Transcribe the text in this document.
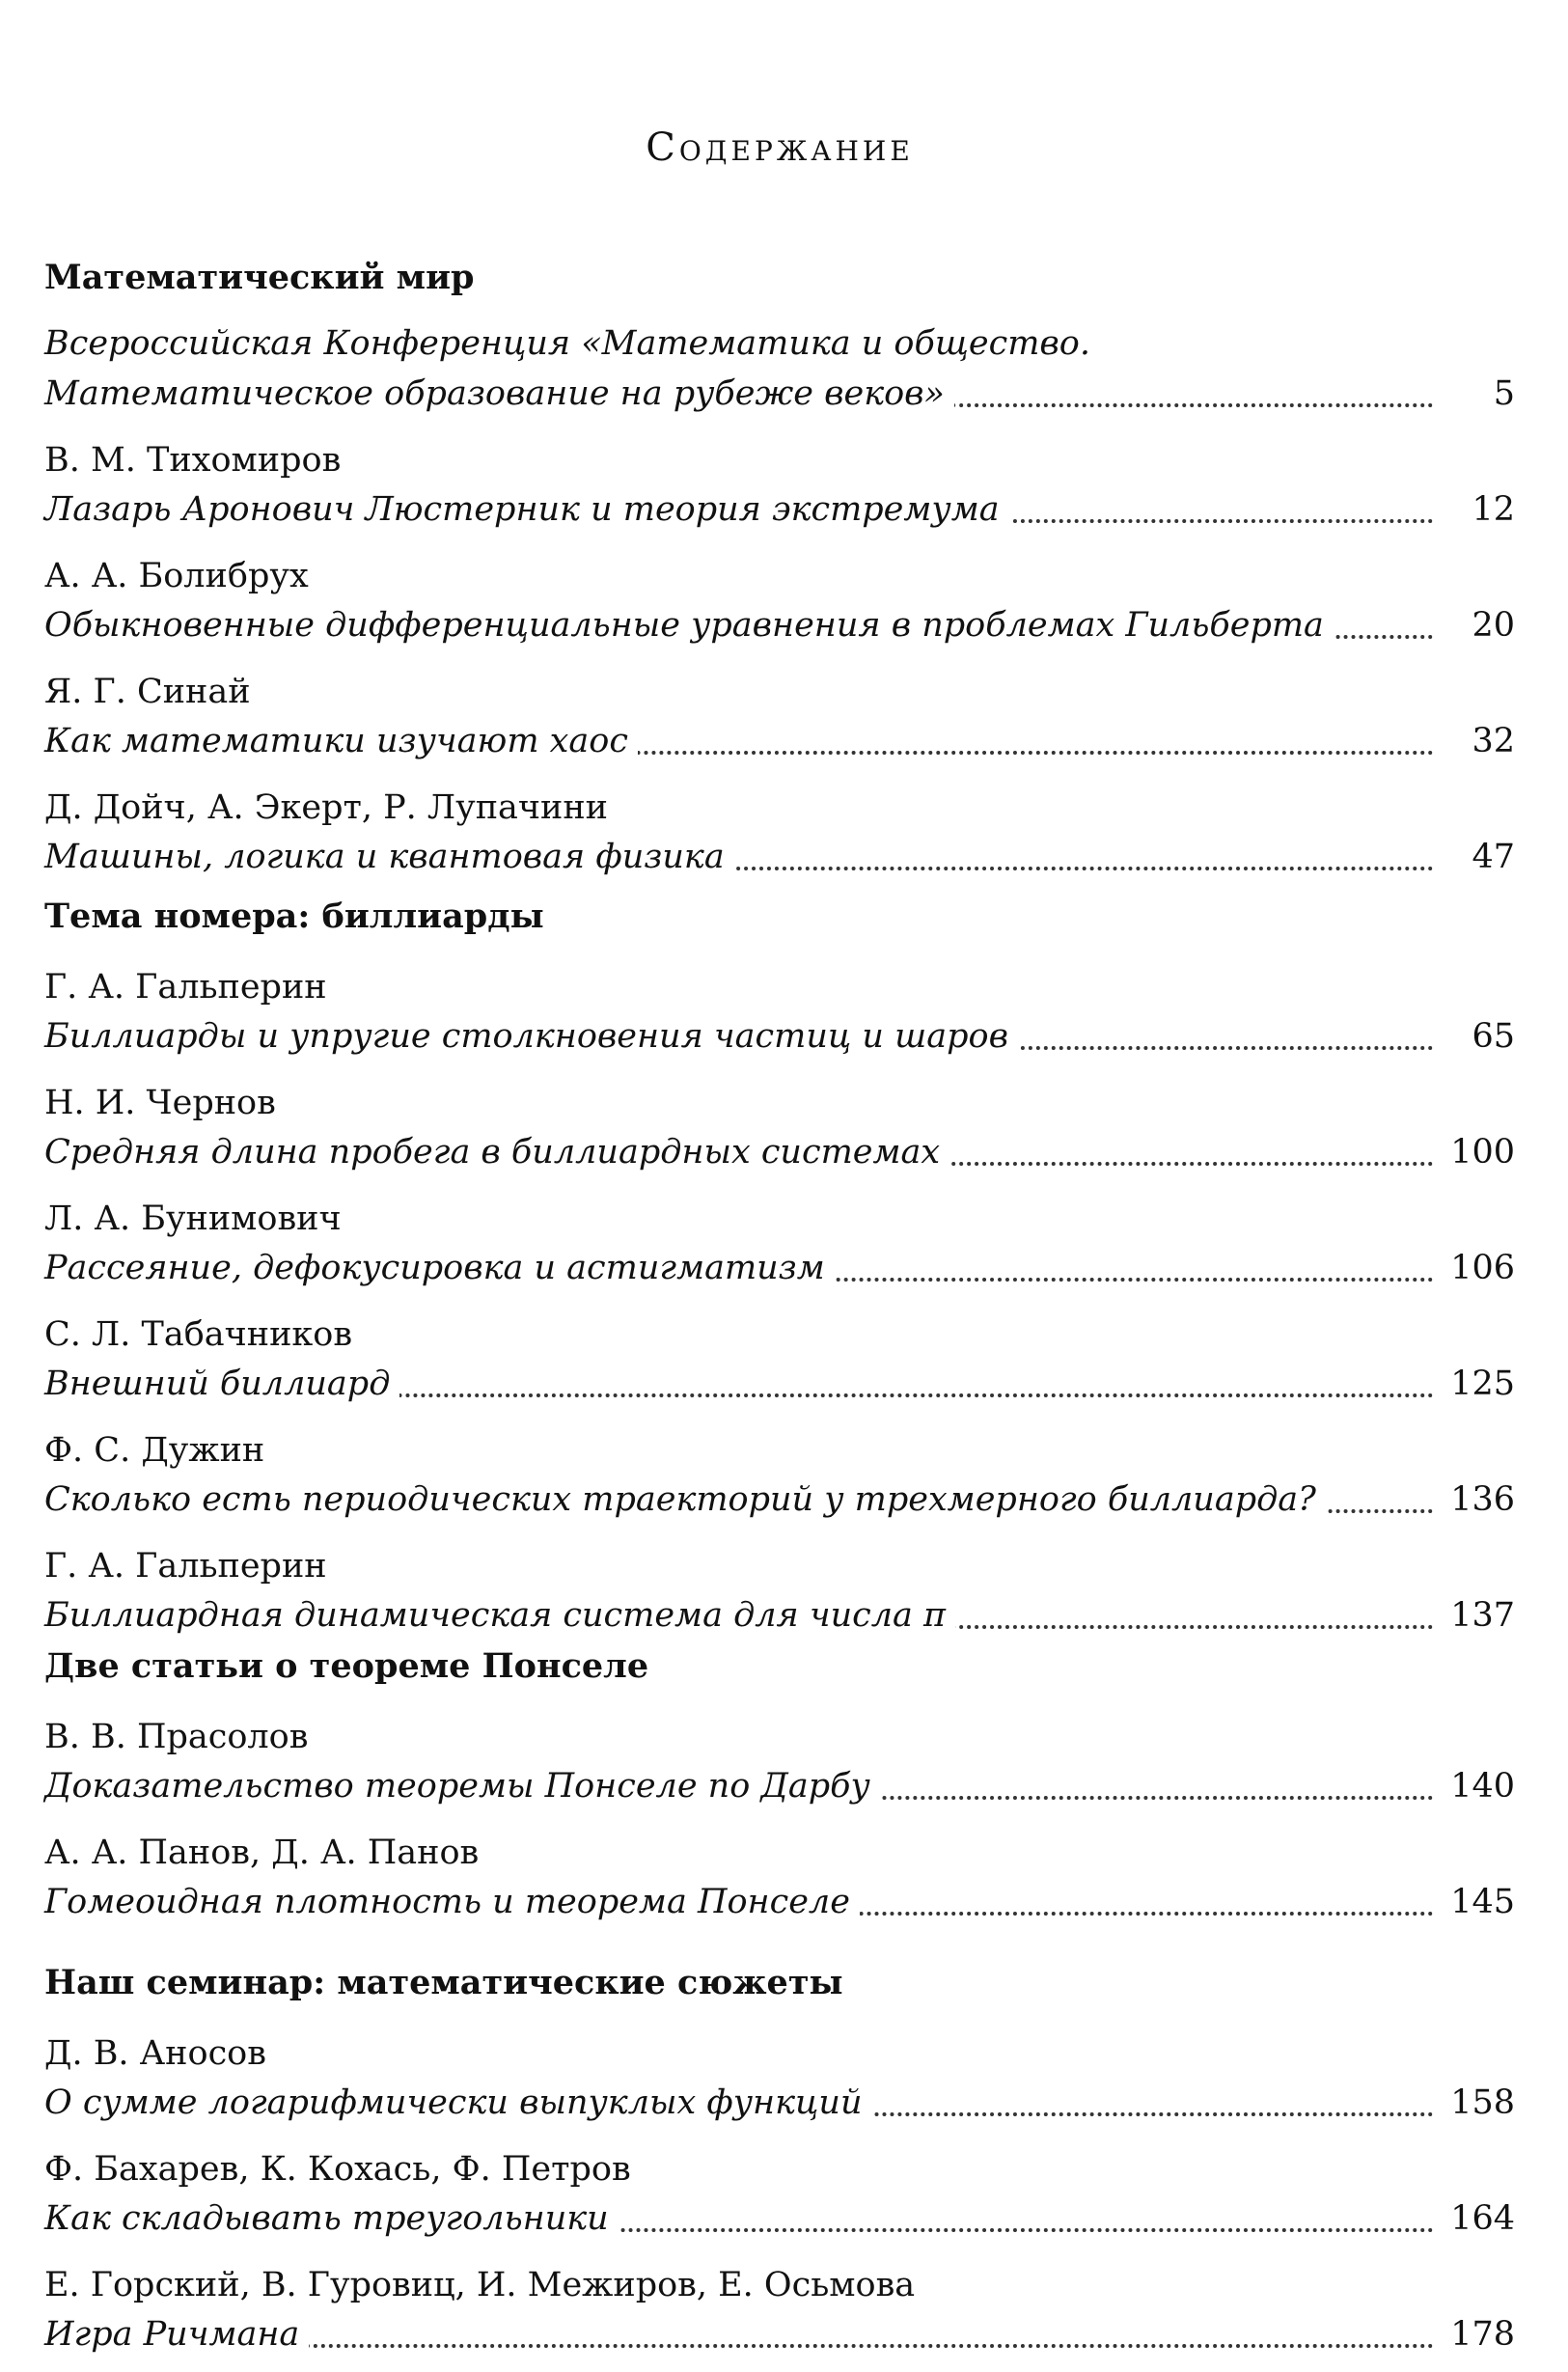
Содержание
Математический мир
Всероссийская Конференция «Математика и общество.
Математическое образование на рубеже веков»	5
В. М. Тихомиров
Лазарь Аронович Люстерник и теория экстремума	12
А. А. Болибрух
Обыкновенные дифференциальные уравнения в проблемах Гильберта	20
Я. Г. Синай
Как математики изучают хаос	32
Д. Дойч, А. Экерт, Р. Лупачини
Машины, логика и квантовая физика	47
Тема номера: биллиарды
Г. А. Гальперин
Биллиарды и упругие столкновения частиц и шаров	65
Н. И. Чернов
Средняя длина пробега в биллиардных системах	100
Л. А. Бунимович
Рассеяние, дефокусировка и астигматизм	106
С. Л. Табачников
Внешний биллиард	125
Ф. С. Дужин
Сколько есть периодических траекторий у трехмерного биллиарда?	136
Г. А. Гальперин
Биллиардная динамическая система для числа π	137
Две статьи о теореме Понселе
В. В. Прасолов
Доказательство теоремы Понселе по Дарбу	140
А. А. Панов, Д. А. Панов
Гомеоидная плотность и теорема Понселе	145
Наш семинар: математические сюжеты
Д. В. Аносов
О сумме логарифмически выпуклых функций	158
Ф. Бахарев, К. Кохась, Ф. Петров
Как складывать треугольники	164
Е. Горский, В. Гуровиц, И. Межиров, Е. Осьмова
Игра Ричмана	178
